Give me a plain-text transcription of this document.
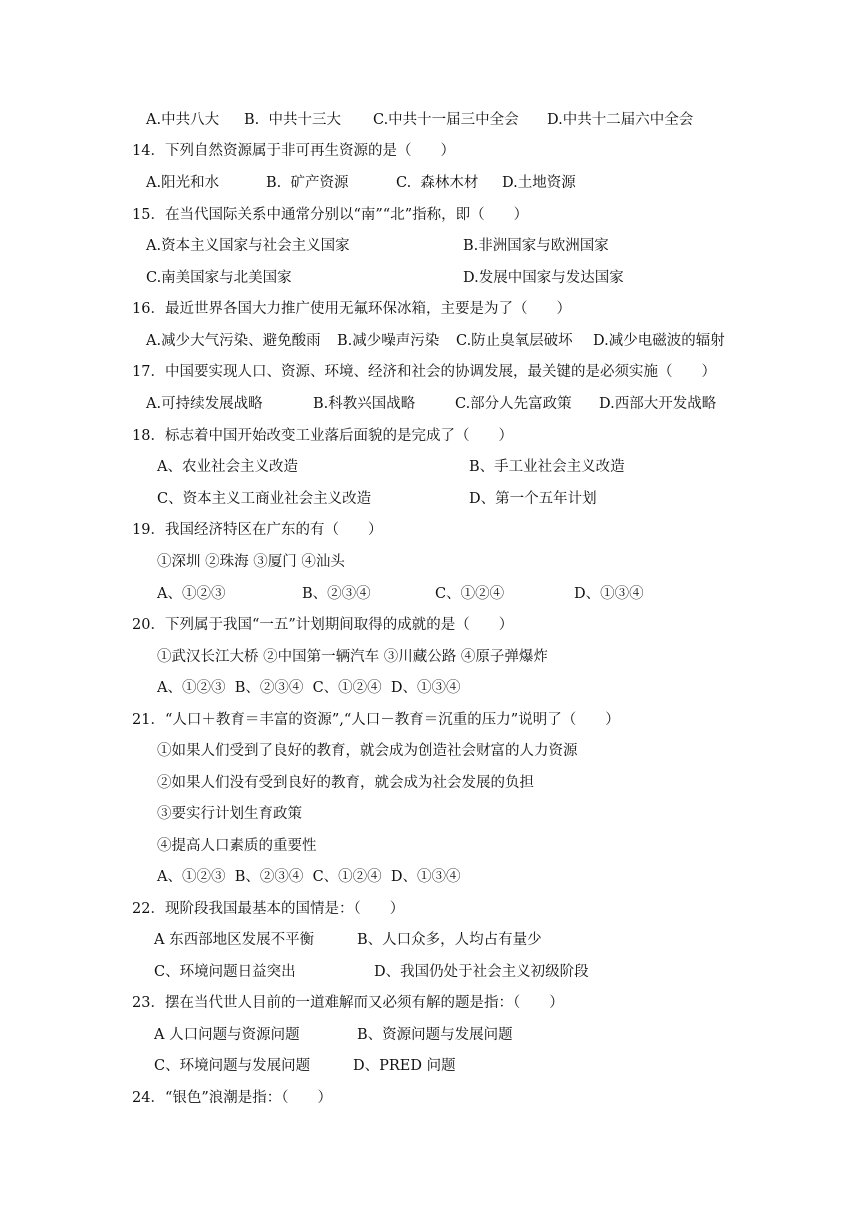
A.中共八大 B.  中共十三大 C.中共十一届三中全会 D.中共十二届六中全会
14．下列自然资源属于非可再生资源的是（　　）
A.阳光和水	B.  矿产资源	C.  森林木材 D.土地资源
15．在当代国际关系中通常分别以“南”“北”指称，即（　　）
A.资本主义国家与社会主义国家	B.非洲国家与欧洲国家
C.南美国家与北美国家	D.发展中国家与发达国家
16．最近世界各国大力推广使用无氟环保冰箱，主要是为了（　　）
A.减少大气污染、避免酸雨 B.减少噪声污染 C.防止臭氧层破坏 D.减少电磁波的辐射
17．中国要实现人口、资源、环境、经济和社会的协调发展，最关键的是必须实施（　　）
A.可持续发展战略	B.科教兴国战略	C.部分人先富政策 D.西部大开发战略
18．标志着中国开始改变工业落后面貌的是完成了（　　）
A、农业社会主义改造	B、手工业社会主义改造
C、资本主义工商业社会主义改造	D、第一个五年计划
19．我国经济特区在广东的有（　　）
①深圳 ②珠海 ③厦门 ④汕头
A、①②③	B、②③④	C、①②④	D、①③④
20．下列属于我国“一五”计划期间取得的成就的是（　　）
①武汉长江大桥 ②中国第一辆汽车 ③川藏公路 ④原子弹爆炸
A、①②③  B、②③④  C、①②④  D、①③④
21．“人口＋教育＝丰富的资源”,“人口－教育＝沉重的压力”说明了（　　）
①如果人们受到了良好的教育，就会成为创造社会财富的人力资源
②如果人们没有受到良好的教育，就会成为社会发展的负担
③要实行计划生育政策
④提高人口素质的重要性
A、①②③  B、②③④  C、①②④  D、①③④
22．现阶段我国最基本的国情是：（　　）
A 东西部地区发展不平衡	B、人口众多，人均占有量少
C、环境问题日益突出	D、我国仍处于社会主义初级阶段
23．摆在当代世人目前的一道难解而又必须有解的题是指：（　　）
A 人口问题与资源问题	B、资源问题与发展问题
C、环境问题与发展问题	D、PRED 问题
24．“银色”浪潮是指：（　　）
